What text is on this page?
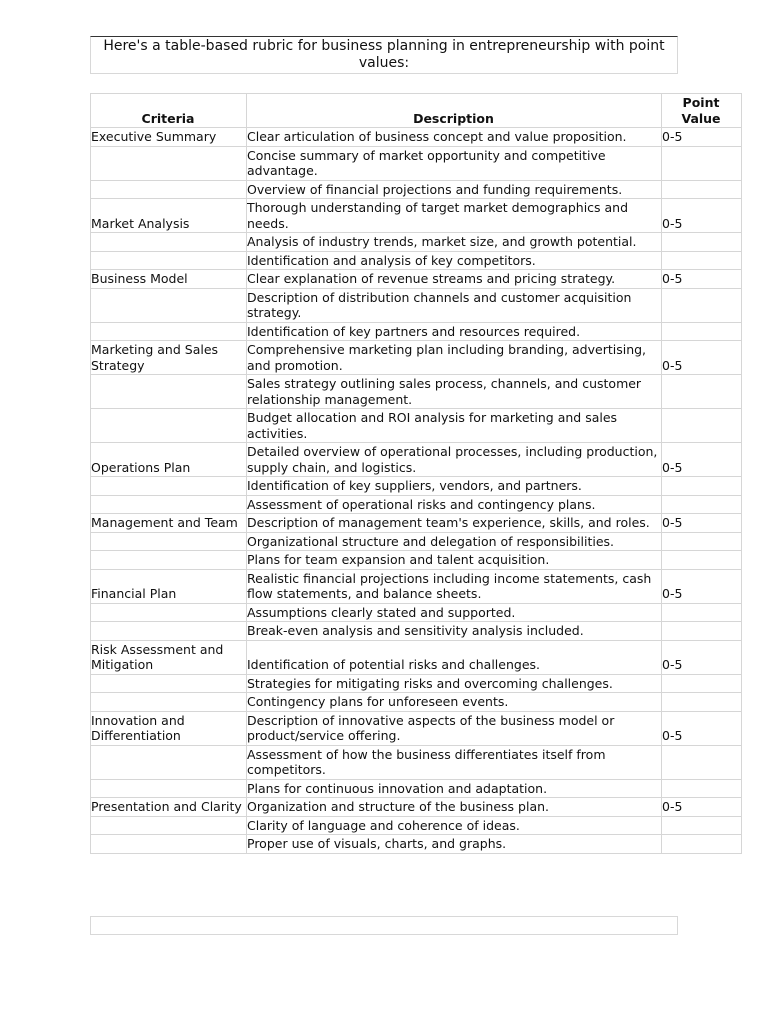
Here's a table-based rubric for business planning in entrepreneurship with point values:
Criteria	Description	Point Value
Executive Summary	Clear articulation of business concept and value proposition.	0-5
	Concise summary of market opportunity and competitive advantage.	
	Overview of financial projections and funding requirements.	
Market Analysis	Thorough understanding of target market demographics and needs.	0-5
	Analysis of industry trends, market size, and growth potential.	
	Identification and analysis of key competitors.	
Business Model	Clear explanation of revenue streams and pricing strategy.	0-5
	Description of distribution channels and customer acquisition strategy.	
	Identification of key partners and resources required.	
Marketing and Sales Strategy	Comprehensive marketing plan including branding, advertising, and promotion.	0-5
	Sales strategy outlining sales process, channels, and customer relationship management.	
	Budget allocation and ROI analysis for marketing and sales activities.	
Operations Plan	Detailed overview of operational processes, including production, supply chain, and logistics.	0-5
	Identification of key suppliers, vendors, and partners.	
	Assessment of operational risks and contingency plans.	
Management and Team	Description of management team's experience, skills, and roles.	0-5
	Organizational structure and delegation of responsibilities.	
	Plans for team expansion and talent acquisition.	
Financial Plan	Realistic financial projections including income statements, cash flow statements, and balance sheets.	0-5
	Assumptions clearly stated and supported.	
	Break-even analysis and sensitivity analysis included.	
Risk Assessment and Mitigation	Identification of potential risks and challenges.	0-5
	Strategies for mitigating risks and overcoming challenges.	
	Contingency plans for unforeseen events.	
Innovation and Differentiation	Description of innovative aspects of the business model or product/service offering.	0-5
	Assessment of how the business differentiates itself from competitors.	
	Plans for continuous innovation and adaptation.	
Presentation and Clarity	Organization and structure of the business plan.	0-5
	Clarity of language and coherence of ideas.	
	Proper use of visuals, charts, and graphs.	
